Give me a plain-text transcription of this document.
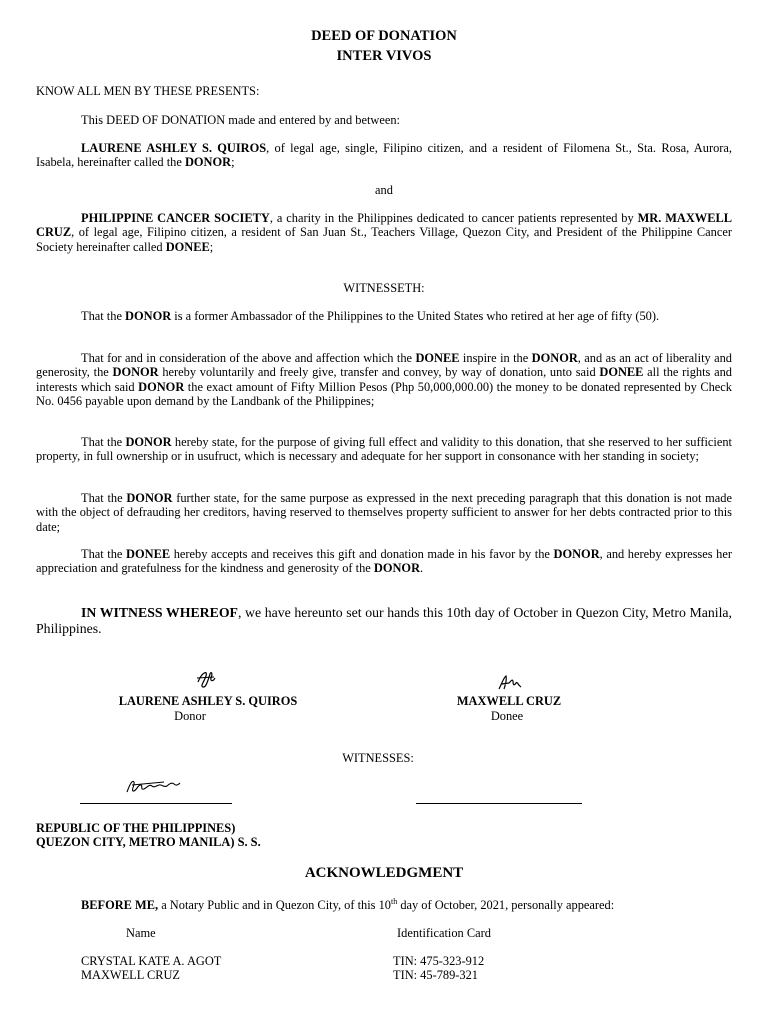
DEED OF DONATION
INTER VIVOS
KNOW ALL MEN BY THESE PRESENTS:
This DEED OF DONATION made and entered by and between:
LAURENE ASHLEY S. QUIROS, of legal age, single, Filipino citizen, and a resident of Filomena St., Sta. Rosa, Aurora, Isabela, hereinafter called the DONOR;
and
PHILIPPINE CANCER SOCIETY, a charity in the Philippines dedicated to cancer patients represented by MR. MAXWELL CRUZ, of legal age, Filipino citizen, a resident of San Juan St., Teachers Village, Quezon City, and President of the Philippine Cancer Society hereinafter called DONEE;
WITNESSETH:
That the DONOR is a former Ambassador of the Philippines to the United States who retired at her age of fifty (50).
That for and in consideration of the above and affection which the DONEE inspire in the DONOR, and as an act of liberality and generosity, the DONOR hereby voluntarily and freely give, transfer and convey, by way of donation, unto said DONEE all the rights and interests which said DONOR the exact amount of Fifty Million Pesos (Php 50,000,000.00) the money to be donated represented by Check No. 0456 payable upon demand by the Landbank of the Philippines;
That the DONOR hereby state, for the purpose of giving full effect and validity to this donation, that she reserved to her sufficient property, in full ownership or in usufruct, which is necessary and adequate for her support in consonance with her standing in society;
That the DONOR further state, for the same purpose as expressed in the next preceding paragraph that this donation is not made with the object of defrauding her creditors, having reserved to themselves property sufficient to answer for her debts contracted prior to this date;
That the DONEE hereby accepts and receives this gift and donation made in his favor by the DONOR, and hereby expresses her appreciation and gratefulness for the kindness and generosity of the DONOR.
IN WITNESS WHEREOF, we have hereunto set our hands this 10th day of October in Quezon City, Metro Manila, Philippines.
LAURENE ASHLEY S. QUIROS
Donor
MAXWELL CRUZ
Donee
WITNESSES:
REPUBLIC OF THE PHILIPPINES)
QUEZON CITY, METRO MANILA) S. S.
ACKNOWLEDGMENT
BEFORE ME, a Notary Public and in Quezon City, of this 10th day of October, 2021, personally appeared:
Name	Identification Card
CRYSTAL KATE A. AGOT	TIN: 475-323-912
MAXWELL CRUZ	TIN: 45-789-321
